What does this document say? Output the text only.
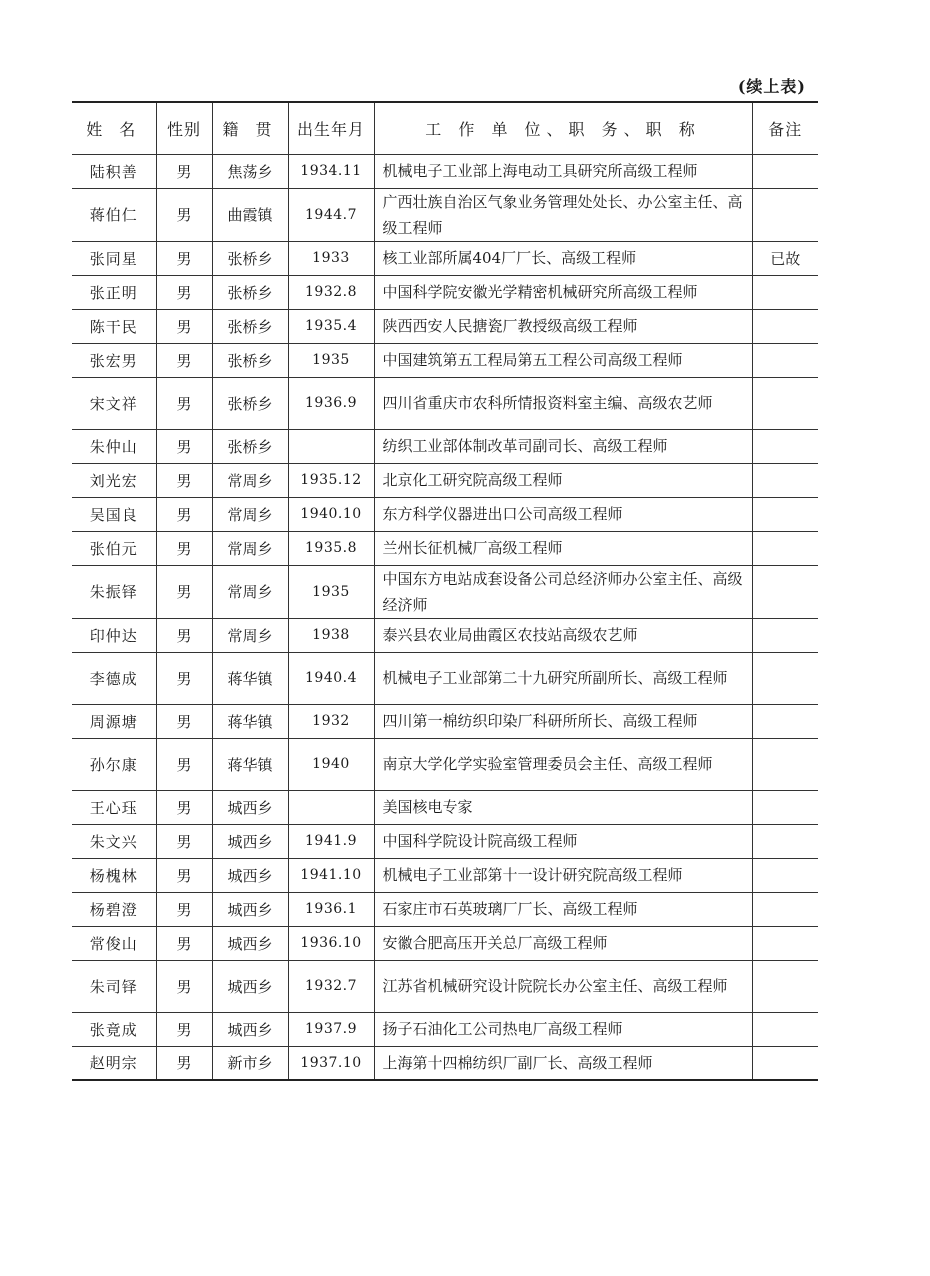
(续上表)
姓 名	性别	籍 贯	出生年月	工 作 单 位、职 务、职 称	备注
陆积善	男	焦荡乡	1934.11	机械电子工业部上海电动工具研究所高级工程师	
蒋伯仁	男	曲霞镇	1944.7	广西壮族自治区气象业务管理处处长、办公室主任、高级工程师	
张同星	男	张桥乡	1933	核工业部所属404厂厂长、高级工程师	已故
张正明	男	张桥乡	1932.8	中国科学院安徽光学精密机械研究所高级工程师	
陈干民	男	张桥乡	1935.4	陕西西安人民搪瓷厂教授级高级工程师	
张宏男	男	张桥乡	1935	中国建筑第五工程局第五工程公司高级工程师	
宋文祥	男	张桥乡	1936.9	四川省重庆市农科所情报资料室主编、高级农艺师	
朱仲山	男	张桥乡		纺织工业部体制改革司副司长、高级工程师	
刘光宏	男	常周乡	1935.12	北京化工研究院高级工程师	
吴国良	男	常周乡	1940.10	东方科学仪器进出口公司高级工程师	
张伯元	男	常周乡	1935.8	兰州长征机械厂高级工程师	
朱振铎	男	常周乡	1935	中国东方电站成套设备公司总经济师办公室主任、高级经济师	
印仲达	男	常周乡	1938	泰兴县农业局曲霞区农技站高级农艺师	
李德成	男	蒋华镇	1940.4	机械电子工业部第二十九研究所副所长、高级工程师	
周源塘	男	蒋华镇	1932	四川第一棉纺织印染厂科研所所长、高级工程师	
孙尔康	男	蒋华镇	1940	南京大学化学实验室管理委员会主任、高级工程师	
王心珏	男	城西乡		美国核电专家	
朱文兴	男	城西乡	1941.9	中国科学院设计院高级工程师	
杨槐林	男	城西乡	1941.10	机械电子工业部第十一设计研究院高级工程师	
杨碧澄	男	城西乡	1936.1	石家庄市石英玻璃厂厂长、高级工程师	
常俊山	男	城西乡	1936.10	安徽合肥高压开关总厂高级工程师	
朱司铎	男	城西乡	1932.7	江苏省机械研究设计院院长办公室主任、高级工程师	
张竟成	男	城西乡	1937.9	扬子石油化工公司热电厂高级工程师	
赵明宗	男	新市乡	1937.10	上海第十四棉纺织厂副厂长、高级工程师	
